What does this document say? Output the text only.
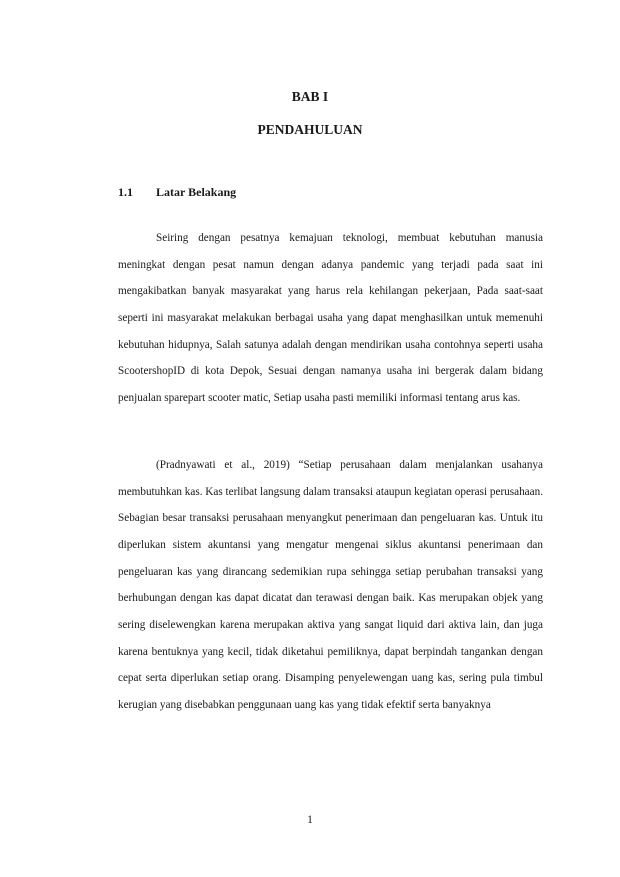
BAB I
PENDAHULUAN
1.1 Latar Belakang

Seiring dengan pesatnya kemajuan teknologi, membuat kebutuhan manusia meningkat dengan pesat namun dengan adanya pandemic yang terjadi pada saat ini mengakibatkan banyak masyarakat yang harus rela kehilangan pekerjaan, Pada saat-saat seperti ini masyarakat melakukan berbagai usaha yang dapat menghasilkan untuk memenuhi kebutuhan hidupnya, Salah satunya adalah dengan mendirikan usaha contohnya seperti usaha ScootershopID di kota Depok, Sesuai dengan namanya usaha ini bergerak dalam bidang penjualan sparepart scooter matic, Setiap usaha pasti memiliki informasi tentang arus kas.

(Pradnyawati et al., 2019) “Setiap perusahaan dalam menjalankan usahanya membutuhkan kas. Kas terlibat langsung dalam transaksi ataupun kegiatan operasi perusahaan. Sebagian besar transaksi perusahaan menyangkut penerimaan dan pengeluaran kas. Untuk itu diperlukan sistem akuntansi yang mengatur mengenai siklus akuntansi penerimaan dan pengeluaran kas yang dirancang sedemikian rupa sehingga setiap perubahan transaksi yang berhubungan dengan kas dapat dicatat dan terawasi dengan baik. Kas merupakan objek yang sering diselewengkan karena merupakan aktiva yang sangat liquid dari aktiva lain, dan juga karena bentuknya yang kecil, tidak diketahui pemiliknya, dapat berpindah tangankan dengan cepat serta diperlukan setiap orang. Disamping penyelewengan uang kas, sering pula timbul kerugian yang disebabkan penggunaan uang kas yang tidak efektif serta banyaknya

1
